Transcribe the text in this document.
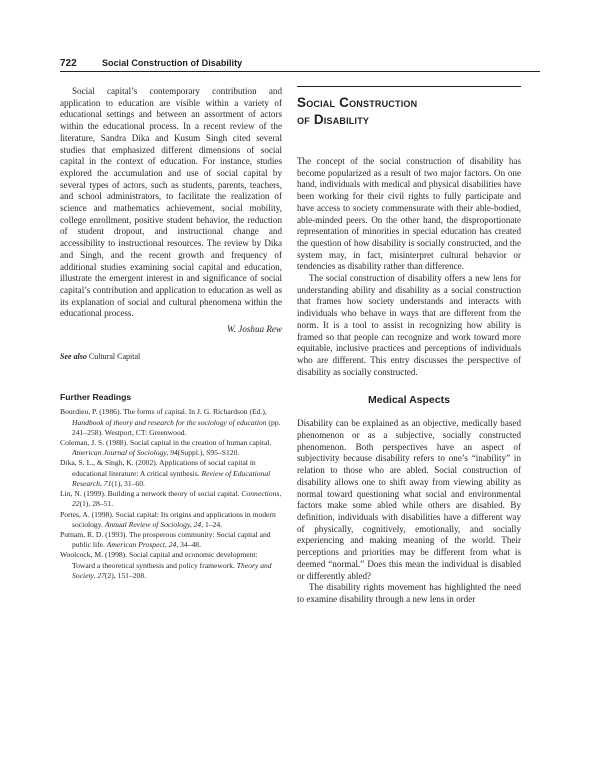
722	Social Construction of Disability

Social capital’s contemporary contribution and application to education are visible within a variety of educational settings and between an assortment of actors within the educational process. In a recent review of the literature, Sandra Dika and Kusum Singh cited several studies that emphasized different dimensions of social capital in the context of education. For instance, studies explored the accumulation and use of social capital by several types of actors, such as students, parents, teachers, and school administrators, to facilitate the realization of science and mathematics achievement, social mobility, college enrollment, positive student behavior, the reduction of student dropout, and instructional change and accessibility to instructional resources. The review by Dika and Singh, and the recent growth and frequency of additional studies examining social capital and education, illustrate the emergent interest in and significance of social capital’s contribution and application to education as well as its explanation of social and cultural phenomena within the educational process.

W. Joshua Rew
See also Cultural Capital
Further Readings

Bourdieu, P. (1986). The forms of capital. In J. G. Richardson (Ed.), Handbook of theory and research for the sociology of education (pp. 241–258). Westport, CT: Greenwood.

Coleman, J. S. (1988). Social capital in the creation of human capital. American Journal of Sociology, 94(Suppl.), S95–S120.

Dika, S. L., & Singh, K. (2002). Applications of social capital in educational literature: A critical synthesis. Review of Educational Research, 71(1), 31–60.

Lin, N. (1999). Building a network theory of social capital. Connections, 22(1), 28–51.

Portes, A. (1998). Social capital: Its origins and applications in modern sociology. Annual Review of Sociology, 24, 1–24.

Putnam, R. D. (1993). The prosperous community: Social capital and public life. American Prospect, 24, 34–48.

Woolcock, M. (1998). Social capital and economic development: Toward a theoretical synthesis and policy framework. Theory and Society, 27(2), 151–208.

Social Construction
of Disability

The concept of the social construction of disability has become popularized as a result of two major factors. On one hand, individuals with medical and physical disabilities have been working for their civil rights to fully participate and have access to society commensurate with their able-bodied, able-minded peers. On the other hand, the disproportionate representation of minorities in special education has created the question of how disability is socially constructed, and the system may, in fact, misinterpret cultural behavior or tendencies as disability rather than difference.

The social construction of disability offers a new lens for understanding ability and disability as a social construction that frames how society understands and interacts with individuals who behave in ways that are different from the norm. It is a tool to assist in recognizing how ability is framed so that people can recognize and work toward more equitable, inclusive practices and perceptions of individuals who are different. This entry discusses the perspective of disability as socially constructed.

Medical Aspects

Disability can be explained as an objective, medically based phenomenon or as a subjective, socially constructed phenomenon. Both perspectives have an aspect of subjectivity because disability refers to one’s “inability” in relation to those who are abled. Social construction of disability allows one to shift away from viewing ability as normal toward questioning what social and environmental factors make some abled while others are disabled. By definition, individuals with disabilities have a different way of physically, cognitively, emotionally, and socially experiencing and making meaning of the world. Their perceptions and priorities may be different from what is deemed “normal.” Does this mean the individual is disabled or differently abled?

The disability rights movement has highlighted the need to examine disability through a new lens in order
